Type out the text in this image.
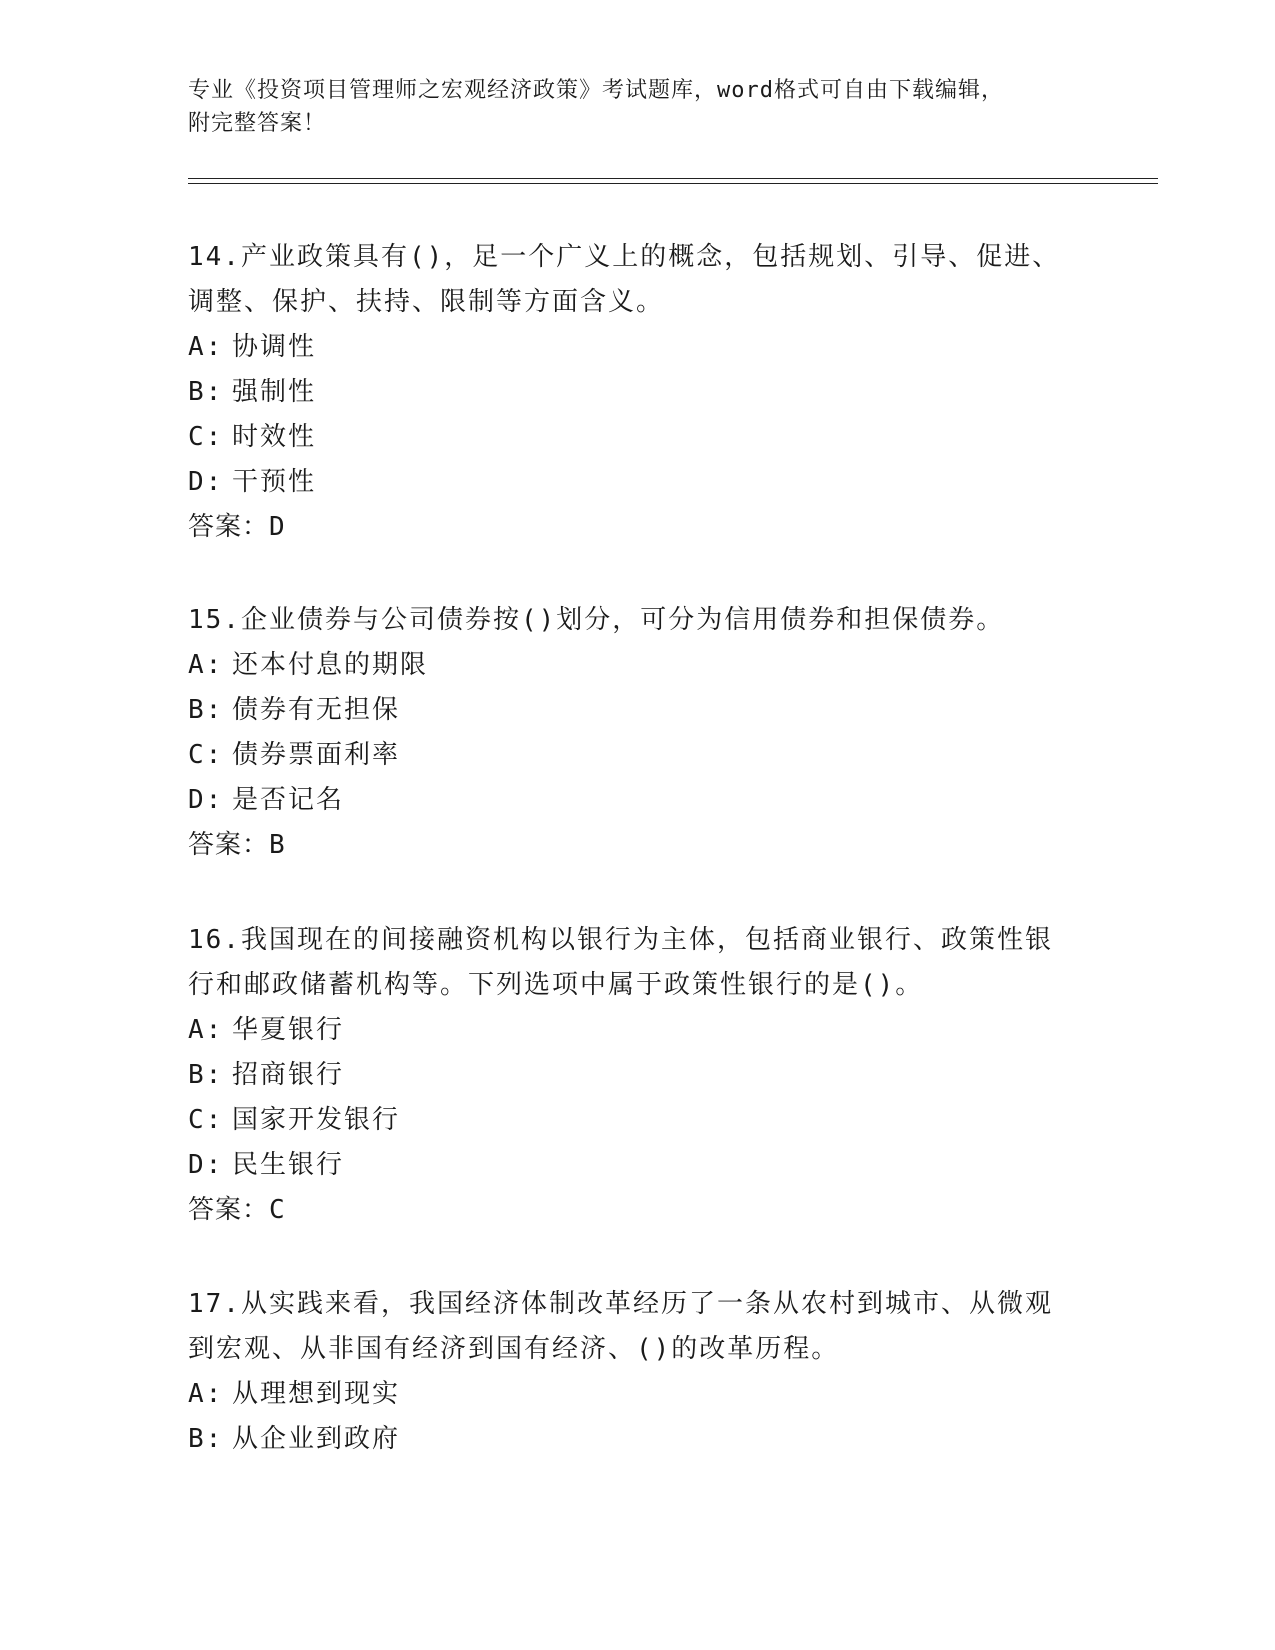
专业《投资项目管理师之宏观经济政策》考试题库，word格式可自由下载编辑，
附完整答案！

14.产业政策具有()，足一个广义上的概念，包括规划、引导、促进、

调整、保护、扶持、限制等方面含义。

A: 协调性

B: 强制性

C: 时效性

D: 干预性

答案：D

15.企业债券与公司债券按()划分，可分为信用债券和担保债券。

A: 还本付息的期限

B: 债券有无担保

C: 债券票面利率

D: 是否记名

答案：B

16.我国现在的间接融资机构以银行为主体，包括商业银行、政策性银

行和邮政储蓄机构等。下列选项中属于政策性银行的是()。

A: 华夏银行

B: 招商银行

C: 国家开发银行

D: 民生银行

答案：C

17.从实践来看，我国经济体制改革经历了一条从农村到城市、从微观

到宏观、从非国有经济到国有经济、()的改革历程。

A: 从理想到现实

B: 从企业到政府
